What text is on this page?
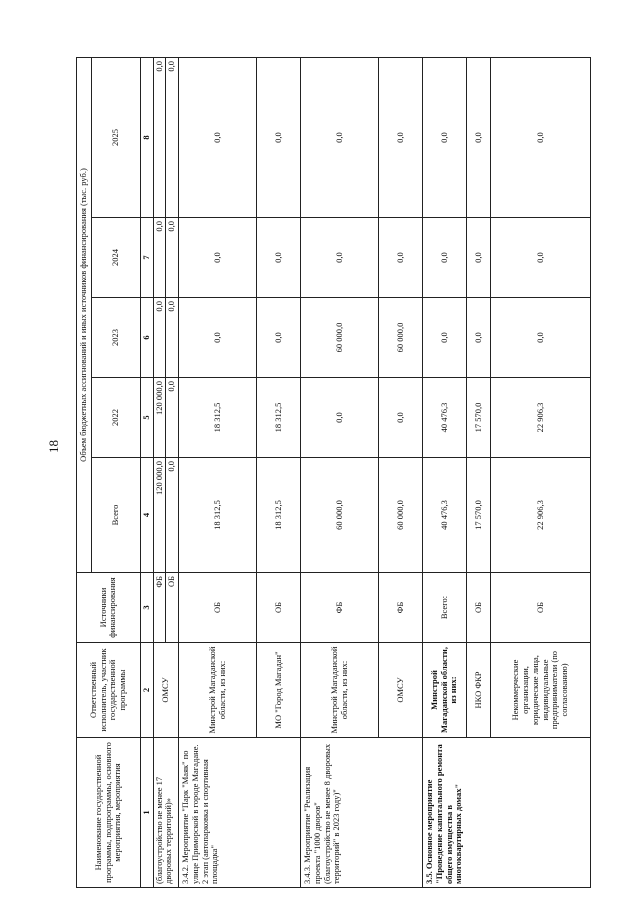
18
Наименование государственной программы, подпрограммы, основного мероприятия, мероприятия	Ответственный исполнитель, участник государственной программы	Источники финансирования	Объем бюджетных ассигнований и иных источников финансирования (тыс. руб.)				
			Всего	2022	2023	2024	2025
1	2	3	4	5	6	7	8
(благоустройство не менее 17 дворовых территорий)»	ОМСУ	ФБ	120 000,0	120 000,0	0,0	0,0	0,0
		ОБ	0,0	0,0	0,0	0,0	0,0
3.4.2. Мероприятие "Парк "Маяк" по улице Приморской в городе Магадане. 2 этап (автопарковка и спортивная площадка"	Минстрой Магаданской области, из них:	ОБ	18 312,5	18 312,5	0,0	0,0	0,0
	МО "Город Магадан"	ОБ	18 312,5	18 312,5	0,0	0,0	0,0
3.4.3. Мероприятие "Реализация проекта "1000 дворов" (благоустройство не менее 8 дворовых территорий" в 2023 году)"	Минстрой Магаданской области, из них:	ФБ	60 000,0	0,0	60 000,0	0,0	0,0
	ОМСУ	ФБ	60 000,0	0,0	60 000,0	0,0	0,0
3.5. Основное мероприятие "Проведение капитального ремонта общего имущества в многоквартирных домах"	Минстрой Магаданской области, из них:	Всего:	40 476,3	40 476,3	0,0	0,0	0,0
	НКО ФКР	ОБ	17 570,0	17 570,0	0,0	0,0	0,0
	Некоммерческие организации, юридические лица, индивидуальные предприниматели (по согласованию)	ОБ	22 906,3	22 906,3	0,0	0,0	0,0
